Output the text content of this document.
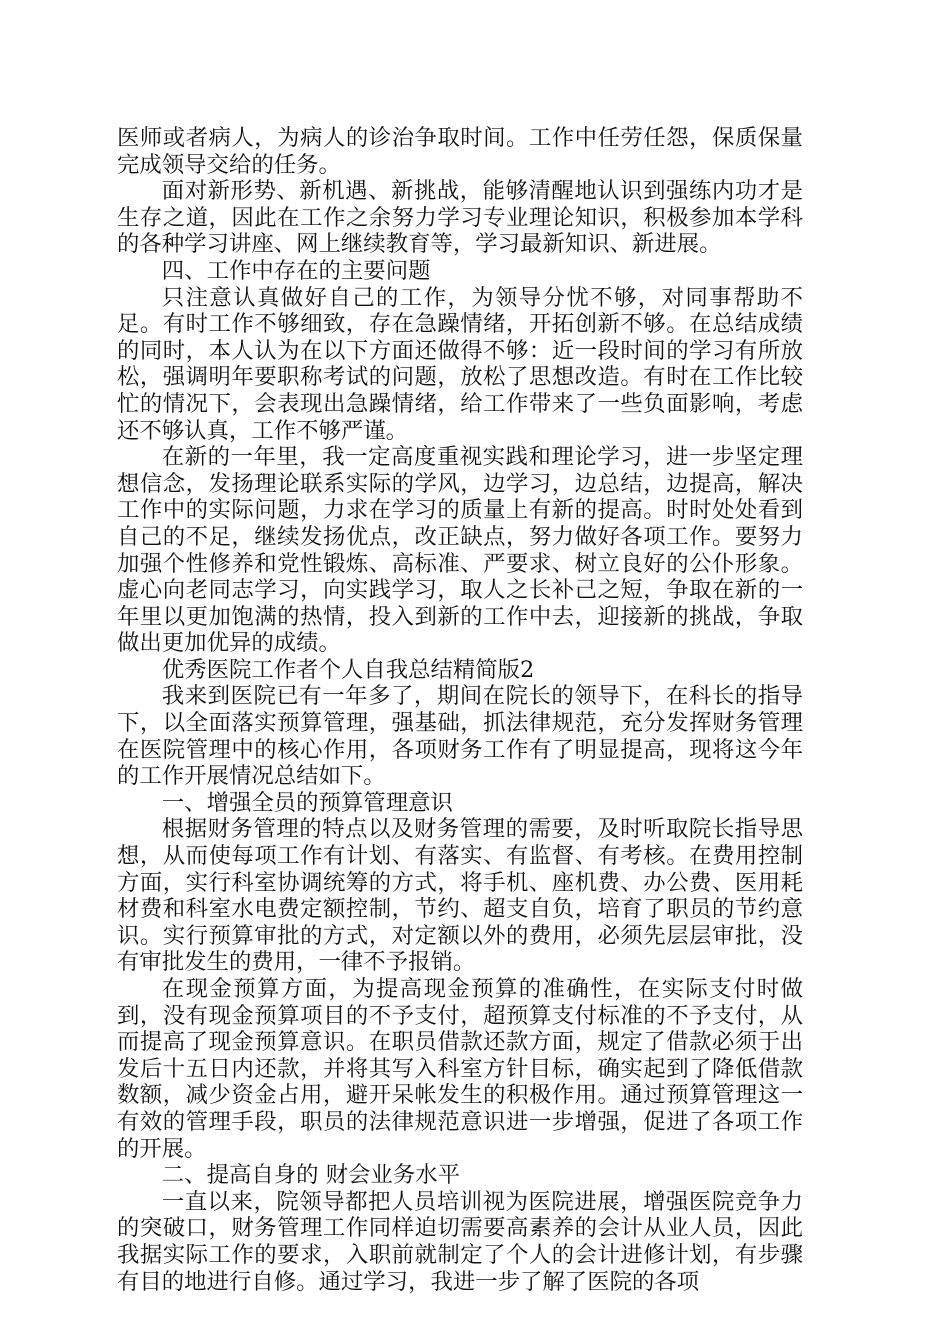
医师或者病人，为病人的诊治争取时间。工作中任劳任怨，保质保量完成领导交给的任务。

面对新形势、新机遇、新挑战，能够清醒地认识到强练内功才是生存之道，因此在工作之余努力学习专业理论知识，积极参加本学科的各种学习讲座、网上继续教育等，学习最新知识、新进展。

四、工作中存在的主要问题

只注意认真做好自己的工作，为领导分忧不够，对同事帮助不足。有时工作不够细致，存在急躁情绪，开拓创新不够。在总结成绩的同时，本人认为在以下方面还做得不够：近一段时间的学习有所放松，强调明年要职称考试的问题，放松了思想改造。有时在工作比较忙的情况下，会表现出急躁情绪，给工作带来了一些负面影响，考虑还不够认真，工作不够严谨。

在新的一年里，我一定高度重视实践和理论学习，进一步坚定理想信念，发扬理论联系实际的学风，边学习，边总结，边提高，解决工作中的实际问题，力求在学习的质量上有新的提高。时时处处看到自己的不足，继续发扬优点，改正缺点，努力做好各项工作。要努力加强个性修养和党性锻炼、高标准、严要求、树立良好的公仆形象。虚心向老同志学习，向实践学习，取人之长补己之短，争取在新的一年里以更加饱满的热情，投入到新的工作中去，迎接新的挑战，争取做出更加优异的成绩。

优秀医院工作者个人自我总结精简版2

我来到医院已有一年多了，期间在院长的领导下，在科长的指导下，以全面落实预算管理，强基础，抓法律规范，充分发挥财务管理在医院管理中的核心作用，各项财务工作有了明显提高，现将这今年的工作开展情况总结如下。

一、增强全员的预算管理意识

根据财务管理的特点以及财务管理的需要，及时听取院长指导思想，从而使每项工作有计划、有落实、有监督、有考核。在费用控制方面，实行科室协调统筹的方式，将手机、座机费、办公费、医用耗材费和科室水电费定额控制，节约、超支自负，培育了职员的节约意识。实行预算审批的方式，对定额以外的费用，必须先层层审批，没有审批发生的费用，一律不予报销。

在现金预算方面，为提高现金预算的准确性，在实际支付时做到，没有现金预算项目的不予支付，超预算支付标准的不予支付，从而提高了现金预算意识。在职员借款还款方面，规定了借款必须于出发后十五日内还款，并将其写入科室方针目标，确实起到了降低借款数额，减少资金占用，避开呆帐发生的积极作用。通过预算管理这一有效的管理手段，职员的法律规范意识进一步增强，促进了各项工作的开展。

二、提高自身的 财会业务水平

一直以来，院领导都把人员培训视为医院进展，增强医院竞争力的突破口，财务管理工作同样迫切需要高素养的会计从业人员，因此我据实际工作的要求，入职前就制定了个人的会计进修计划，有步骤有目的地进行自修。通过学习，我进一步了解了医院的各项
